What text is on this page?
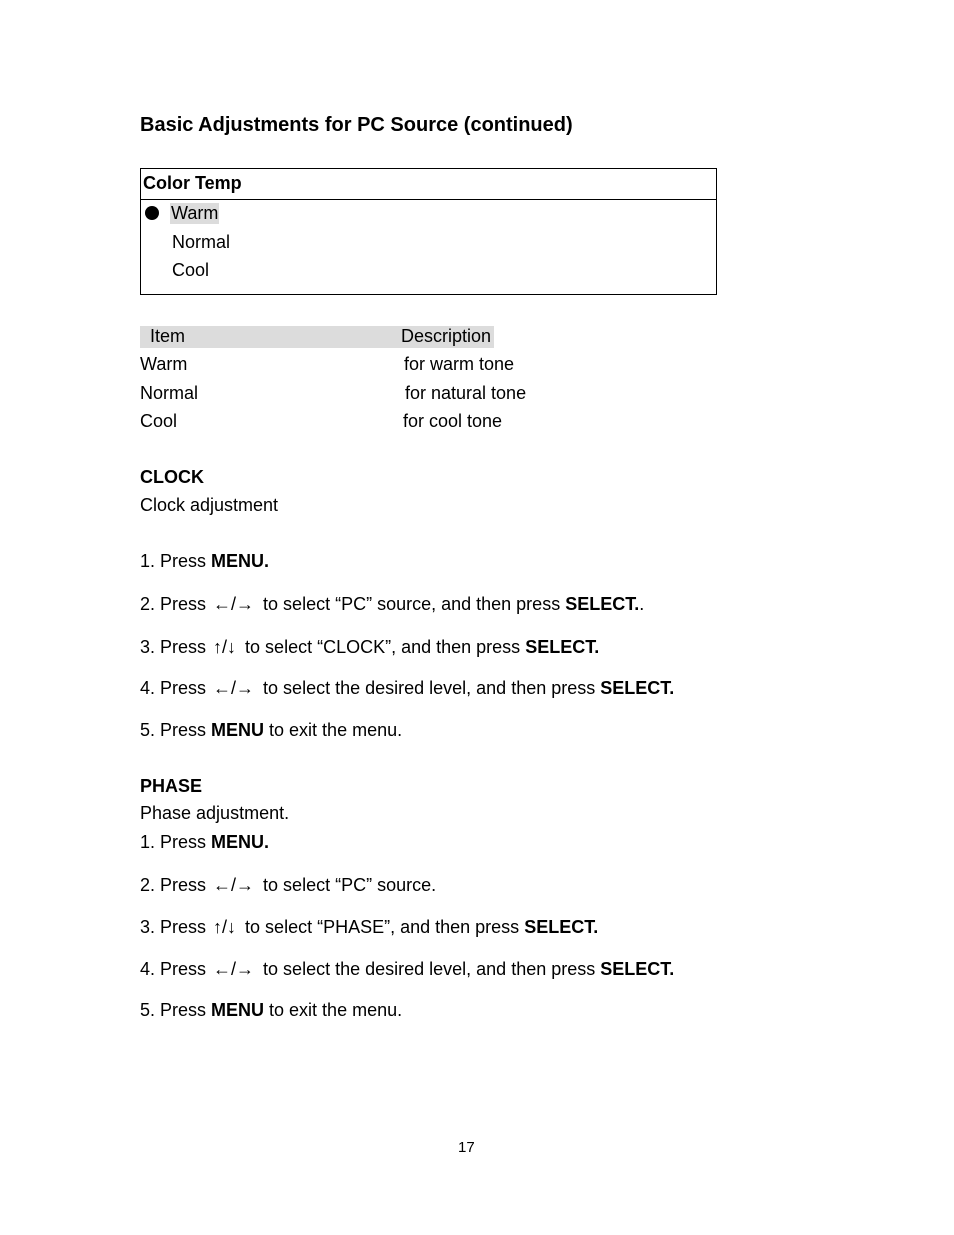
Basic Adjustments for PC Source (continued)
Color Temp
Warm
Normal
Cool
Item	Description
Warm	for warm tone
Normal	for natural tone
Cool	for cool tone
CLOCK
Clock adjustment
1. Press MENU.
2. Press ←/→ to select “PC” source, and then press SELECT..
3. Press ↑/↓ to select “CLOCK”, and then press SELECT.
4. Press ←/→ to select the desired level, and then press SELECT.
5. Press MENU to exit the menu.
PHASE
Phase adjustment.
1. Press MENU.
2. Press ←/→ to select “PC” source.
3. Press ↑/↓ to select “PHASE”, and then press SELECT.
4. Press ←/→ to select the desired level, and then press SELECT.
5. Press MENU to exit the menu.
17
